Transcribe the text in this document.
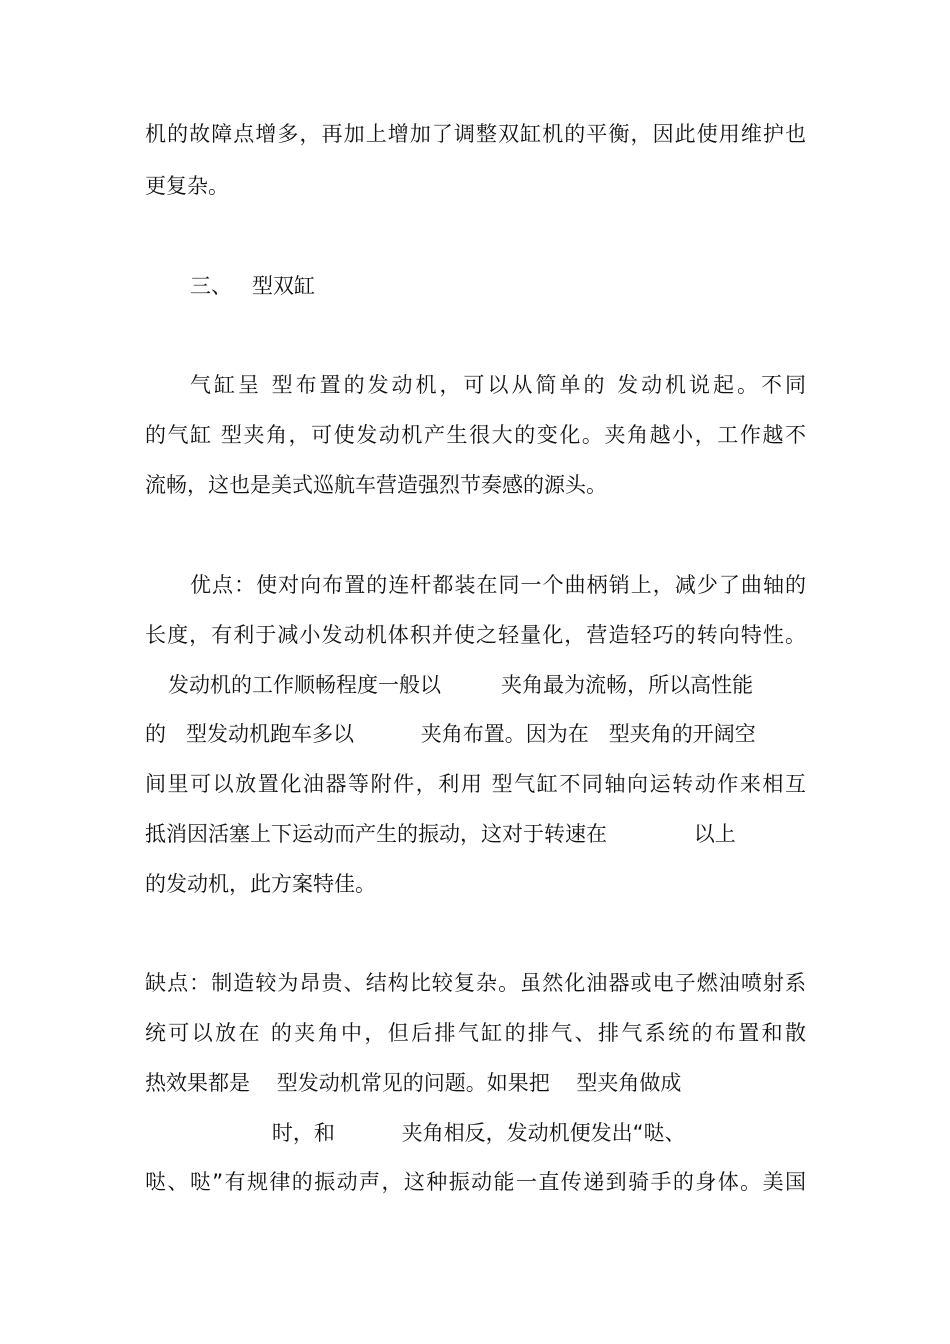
机的故障点增多，再加上增加了调整双缸机的平衡，因此使用维护也
更复杂。
三、   型双缸
气缸呈 型布置的发动机，可以从简单的 发动机说起。不同
的气缸 型夹角，可使发动机产生很大的变化。夹角越小，工作越不
流畅，这也是美式巡航车营造强烈节奏感的源头。
优点：使对向布置的连杆都装在同一个曲柄销上，减少了曲轴的
长度，有利于减小发动机体积并使之轻量化，营造轻巧的转向特性。
发动机的工作顺畅程度一般以         夹角最为流畅，所以高性能
的   型发动机跑车多以          夹角布置。因为在   型夹角的开阔空
间里可以放置化油器等附件，利用 型气缸不同轴向运转动作来相互
抵消因活塞上下运动而产生的振动，这对于转速在             以上
的发动机，此方案特佳。
缺点：制造较为昂贵、结构比较复杂。虽然化油器或电子燃油喷射系
统可以放在 的夹角中，但后排气缸的排气、排气系统的布置和散
热效果都是    型发动机常见的问题。如果把    型夹角做成
时，和          夹角相反，发动机便发出“哒、
哒、哒”有规律的振动声，这种振动能一直传递到骑手的身体。美国
